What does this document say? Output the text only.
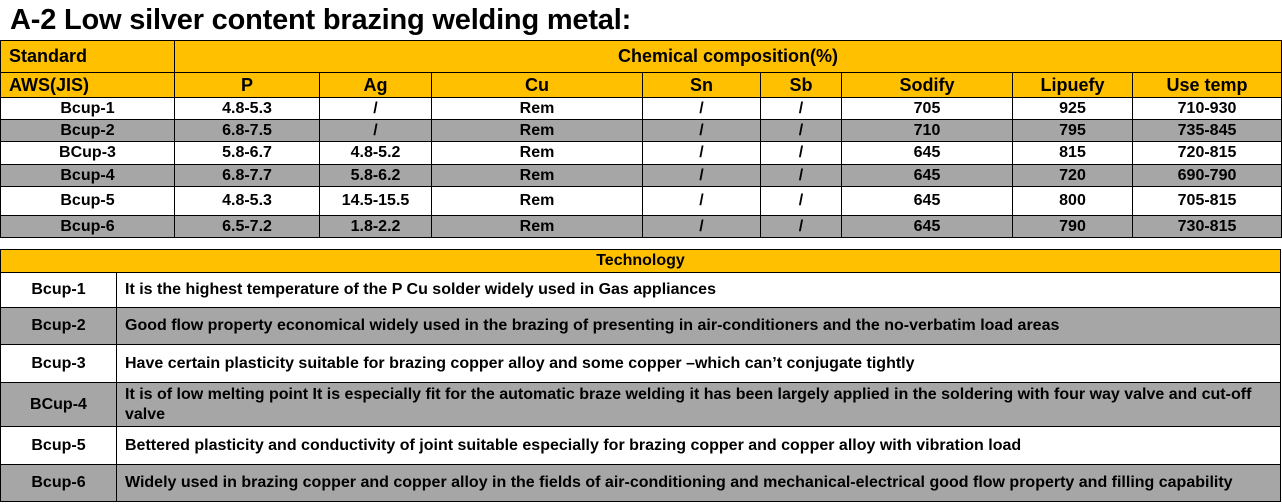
A-2 Low silver content brazing welding metal:
Standard	Chemical composition(%)							
AWS(JIS)	P	Ag	Cu	Sn	Sb	Sodify	Lipuefy	Use temp
Bcup-1	4.8-5.3	/	Rem	/	/	705	925	710-930
Bcup-2	6.8-7.5	/	Rem	/	/	710	795	735-845
BCup-3	5.8-6.7	4.8-5.2	Rem	/	/	645	815	720-815
Bcup-4	6.8-7.7	5.8-6.2	Rem	/	/	645	720	690-790
Bcup-5	4.8-5.3	14.5-15.5	Rem	/	/	645	800	705-815
Bcup-6	6.5-7.2	1.8-2.2	Rem	/	/	645	790	730-815
Technology	
Bcup-1	It is the highest temperature of the P Cu solder widely used in Gas appliances
Bcup-2	Good flow property economical widely used in the brazing of presenting in air-conditioners and the no-verbatim load areas
Bcup-3	Have certain plasticity suitable for brazing copper alloy and some copper –which can’t conjugate tightly
BCup-4	It is of low melting point It is especially fit for the automatic braze welding it has been largely applied in the soldering with four way valve and cut-off valve
Bcup-5	Bettered plasticity and conductivity of joint suitable especially for brazing copper and copper alloy with vibration load
Bcup-6	Widely used in brazing copper and copper alloy in the fields of air-conditioning and mechanical-electrical good flow property and filling capability
